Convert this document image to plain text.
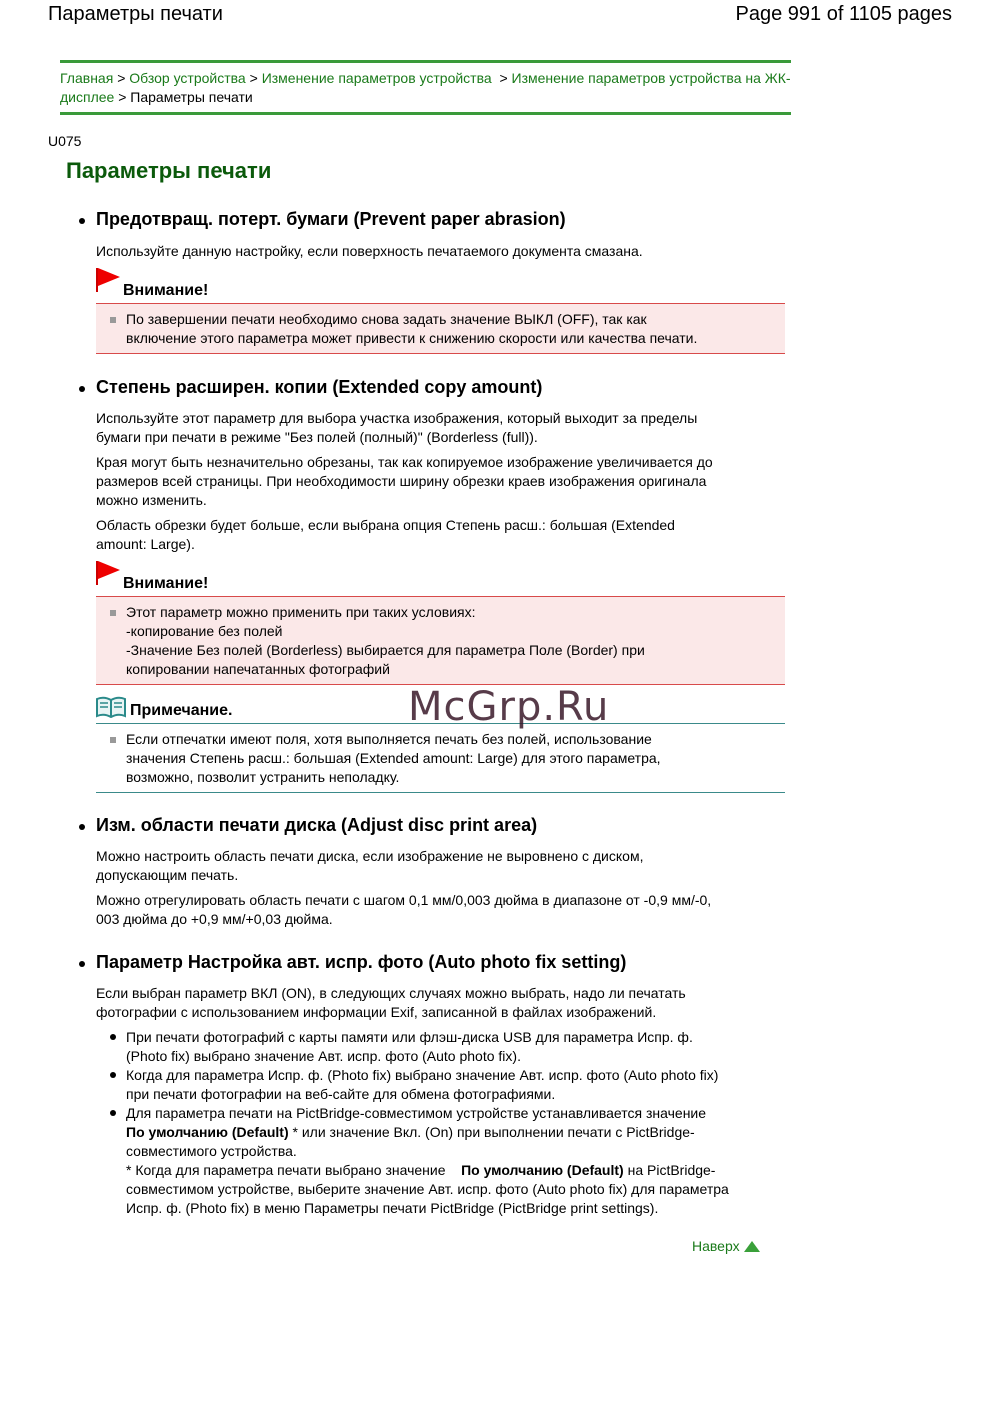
Параметры печати	Page 991 of 1105 pages
Главная > Обзор устройства > Изменение параметров устройства > Изменение параметров устройства на ЖК-дисплее > Параметры печати
U075
Параметры печати
Предотвращ. потерт. бумаги (Prevent paper abrasion)
Используйте данную настройку, если поверхность печатаемого документа смазана.
Внимание!
По завершении печати необходимо снова задать значение ВЫКЛ (OFF), так как
включение этого параметра может привести к снижению скорости или качества печати.
Степень расширен. копии (Extended copy amount)
Используйте этот параметр для выбора участка изображения, который выходит за пределы
бумаги при печати в режиме "Без полей (полный)" (Borderless (full)).
Края могут быть незначительно обрезаны, так как копируемое изображение увеличивается до
размеров всей страницы. При необходимости ширину обрезки краев изображения оригинала
можно изменить.
Область обрезки будет больше, если выбрана опция Степень расш.: большая (Extended
amount: Large).
Внимание!
Этот параметр можно применить при таких условиях:
-копирование без полей
-Значение Без полей (Borderless) выбирается для параметра Поле (Border) при
копировании напечатанных фотографий
Примечание.
Если отпечатки имеют поля, хотя выполняется печать без полей, использование
значения Степень расш.: большая (Extended amount: Large) для этого параметра,
возможно, позволит устранить неполадку.
Изм. области печати диска (Adjust disc print area)
Можно настроить область печати диска, если изображение не выровнено с диском,
допускающим печать.
Можно отрегулировать область печати с шагом 0,1 мм/0,003 дюйма в диапазоне от -0,9 мм/-0,
003 дюйма до +0,9 мм/+0,03 дюйма.
Параметр Настройка авт. испр. фото (Auto photo fix setting)
Если выбран параметр ВКЛ (ON), в следующих случаях можно выбрать, надо ли печатать
фотографии с использованием информации Exif, записанной в файлах изображений.
При печати фотографий с карты памяти или флэш-диска USB для параметра Испр. ф.
(Photo fix) выбрано значение Авт. испр. фото (Auto photo fix).
Когда для параметра Испр. ф. (Photo fix) выбрано значение Авт. испр. фото (Auto photo fix)
при печати фотографии на веб-сайте для обмена фотографиями.
Для параметра печати на PictBridge-совместимом устройстве устанавливается значение
По умолчанию (Default) * или значение Вкл. (On) при выполнении печати с PictBridge-
совместимого устройства.
* Когда для параметра печати выбрано значение По умолчанию (Default) на PictBridge-
совместимом устройстве, выберите значение Авт. испр. фото (Auto photo fix) для параметра
Испр. ф. (Photo fix) в меню Параметры печати PictBridge (PictBridge print settings).
Наверх
McGrp.Ru
